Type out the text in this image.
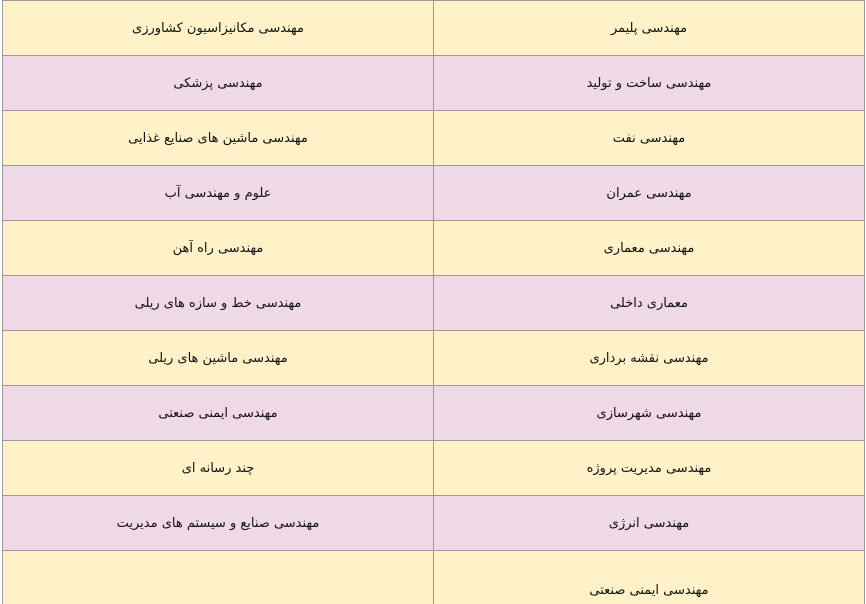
مهندسی مکانیزاسیون کشاورزی	مهندسی پلیمر
مهندسی پزشکی	مهندسی ساخت و تولید
مهندسی ماشین های صنایع غذایی	مهندسی نفت
علوم و مهندسی آب	مهندسی عمران
مهندسی راه آهن	مهندسی معماری
مهندسی خط و سازه های ریلی	معماری داخلی
مهندسی ماشین های ریلی	مهندسی نقشه برداری
مهندسی ایمنی صنعتی	مهندسی شهرسازی
چند رسانه ای	مهندسی مدیریت پروژه
مهندسی صنایع و سیستم های مدیریت	مهندسی انرژی
	مهندسی ایمنی صنعتی
